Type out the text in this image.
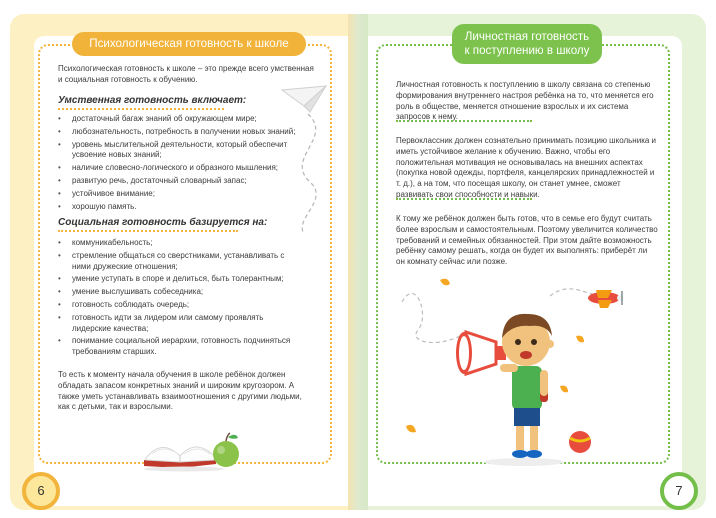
Психологическая готовность к школе
Психологическая готовность к школе – это прежде всего умственная и социальная готовность к обучению.
Умственная готовность включает:
• достаточный багаж знаний об окружающем мире;
• любознательность, потребность в получении новых знаний;
• уровень мыслительной деятельности, который обеспечит усвоение новых знаний;
• наличие словесно-логического и образного мышления;
• развитую речь, достаточный словарный запас;
• устойчивое внимание;
• хорошую память.
Социальная готовность базируется на:
• коммуникабельность;
• стремление общаться со сверстниками, устанавливать с ними дружеские отношения;
• умение уступать в споре и делиться, быть толерантным;
• умение выслушивать собеседника;
• готовность соблюдать очередь;
• готовность идти за лидером или самому проявлять лидерские качества;
• понимание социальной иерархии, готовность подчиняться требованиям старших.
То есть к моменту начала обучения в школе ребёнок должен обладать запасом конкретных знаний и широким кругозором. А также уметь устанавливать взаимоотношения с другими людьми, как с детьми, так и взрослыми.
6
Личностная готовность
к поступлению в школу
Личностная готовность к поступлению в школу связана со степенью формирования внутреннего настроя ребёнка на то, что меняется его роль в обществе, меняется отношение взрослых и их система запросов к нему.
Первоклассник должен сознательно принимать позицию школьника и иметь устойчивое желание к обучению. Важно, чтобы его положительная мотивация не основывалась на внешних аспектах (покупка новой одежды, портфеля, канцелярских принадлежностей и т. д.), а на том, что посещая школу, он станет умнее, сможет развивать свои способности и навыки.
К тому же ребёнок должен быть готов, что в семье его будут считать более взрослым и самостоятельным. Поэтому увеличится количество требований и семейных обязанностей. При этом дайте возможность ребёнку самому решать, когда он будет их выполнять: приберёт ли он комнату сейчас или позже.
7
